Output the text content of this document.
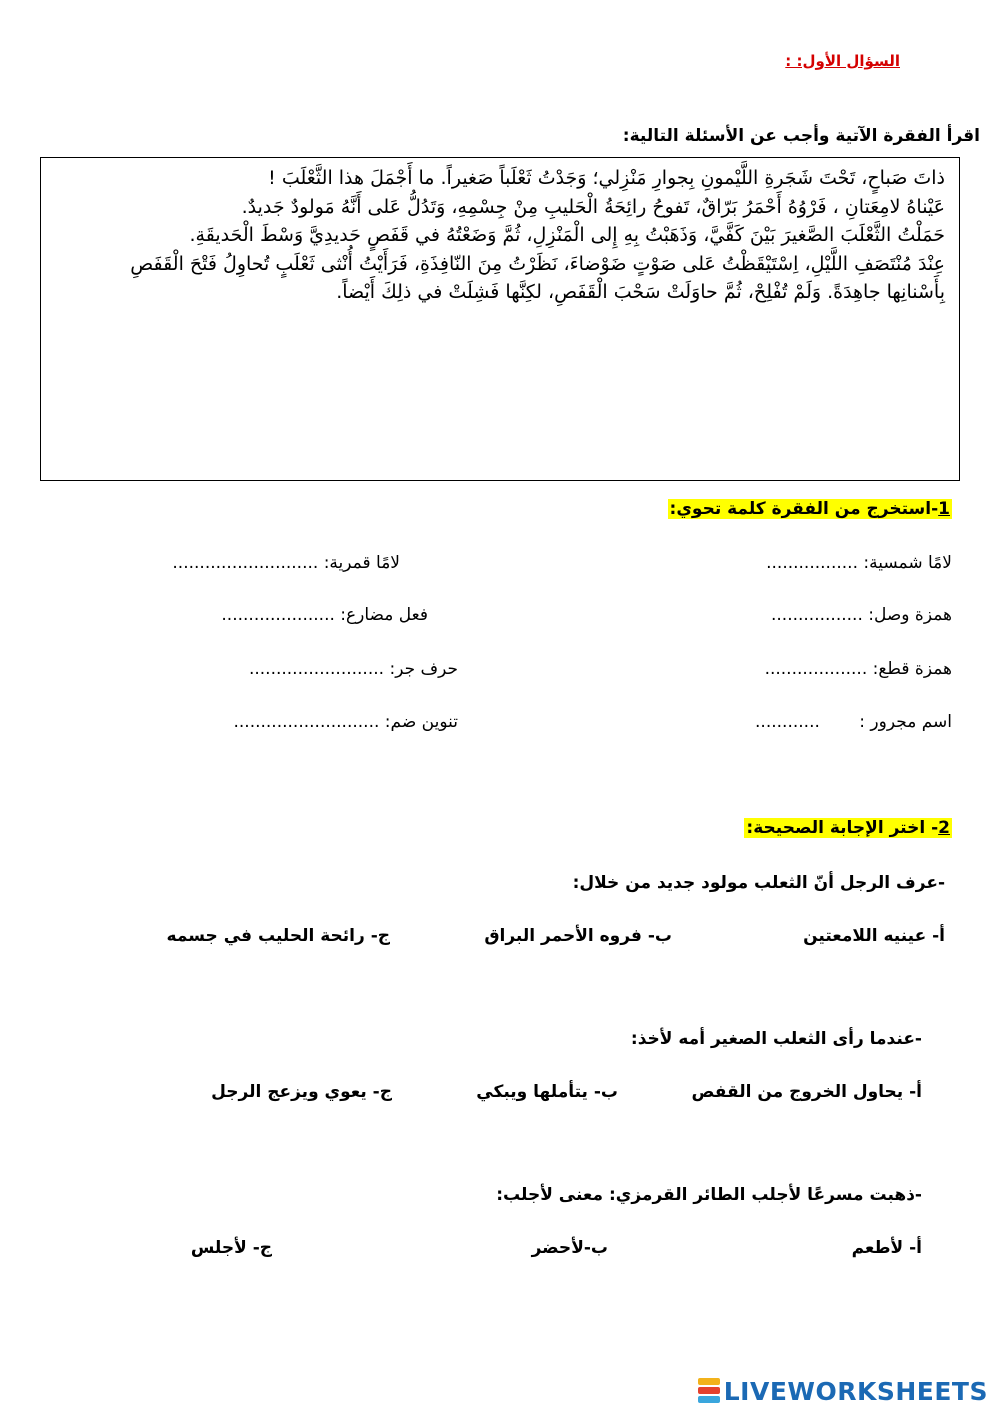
السؤال الأول: :
اقرأ الفقرة الآتية وأجب عن الأسئلة التالية:

ذاتَ صَباحٍ، تَحْتَ شَجَرةِ اللَّيْمونِ بِجوارِ مَنْزِلي؛ وَجَدْتُ ثَعْلَباً صَغيراً. ما أَجْمَلَ هذا الثَّعْلَبَ !

عَيْناهُ لامِعَتانِ ، فَرْوُهُ أَحْمَرُ بَرّاقٌ، تَفوحُ رائِحَةُ الْحَليبِ مِنْ جِسْمِهِ، وَتَدُلُّ عَلى أَنَّهُ مَولودٌ جَديدٌ.

حَمَلْتُ الثَّعْلَبَ الصَّغيرَ بَيْنَ كَفَّيَّ، وَذَهَبْتُ بِهِ إِلى الْمَنْزِلِ، ثُمَّ وَضَعْتُهُ في قَفَصٍ حَديدِيَّ وَسْطَ الْحَديقَةِ.

عِنْدَ مُنْتَصَفِ اللَّيْلِ، اِسْتَيْقَظْتُ عَلى صَوْتٍ ضَوْضاءَ، نَظَرْتُ مِنَ النّافِذَةِ، فَرَأَيْتُ أُنْثى ثَعْلَبٍ تُحاوِلُ فَتْحَ الْقَفَصِ بِأَسْنانِها جاهِدَةً. وَلَمْ تُفْلِحْ، ثُمَّ حاوَلَتْ سَحْبَ الْقَفَصِ، لكِنَّها فَشِلَتْ في ذلِكَ أَيْضاً.

1-استخرج من الفقرة كلمة تحوي:
لامًا شمسية: .................
لامًا قمرية: ...........................
همزة وصل: .................
فعل مضارع: .....................
همزة قطع: ...................
حرف جر: .........................
اسم مجرور : ............
تنوين ضم: ...........................
2- اختر الإجابة الصحيحة:
-عرف الرجل أنّ الثعلب مولود جديد من خلال:
أ- عينيه اللامعتين
ب- فروه الأحمر البراق
ج- رائحة الحليب في جسمه
-عندما رأى الثعلب الصغير أمه لأخذ:
أ- يحاول الخروج من القفص
ب- يتأملها ويبكي
ج- يعوي ويزعج الرجل
-ذهبت مسرعًا لأجلب الطائر القرمزي: معنى لأجلب:
أ- لأطعم
ب-لأحضر
ج- لأجلس
LIVEWORKSHEETS
